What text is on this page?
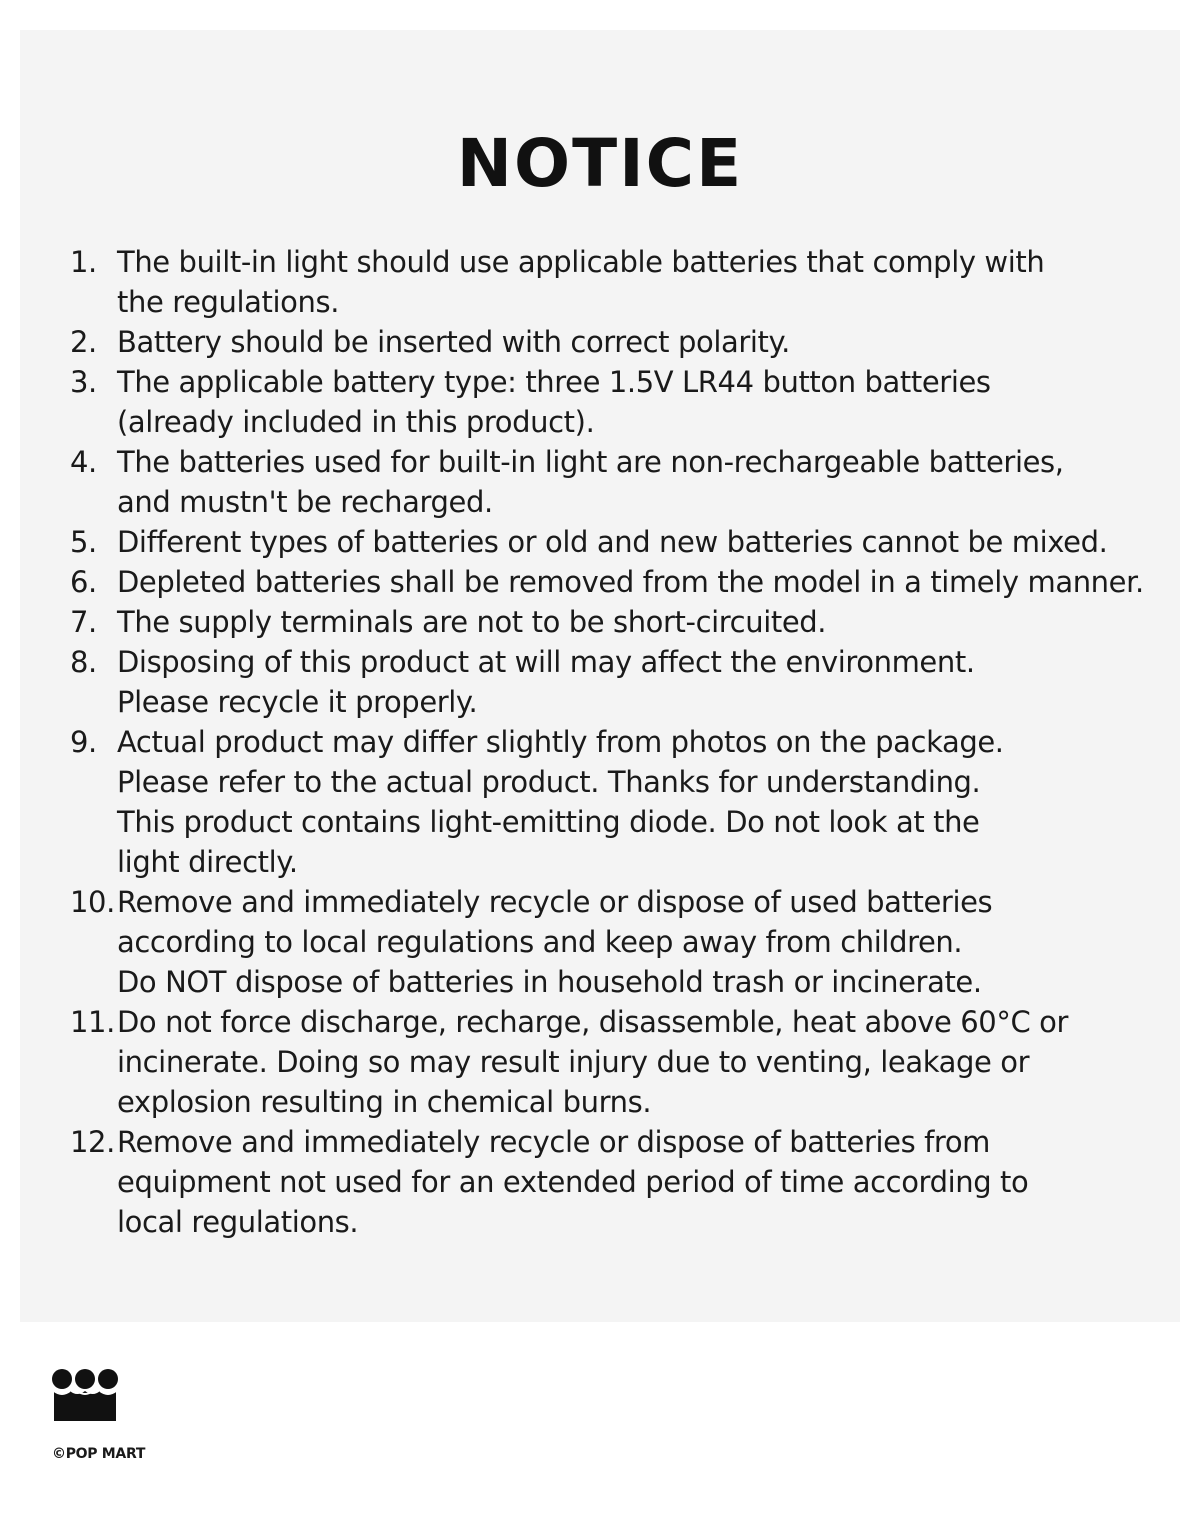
NOTICE
1. The built-in light should use applicable batteries that comply with
the regulations.
2. Battery should be inserted with correct polarity.
3. The applicable battery type: three 1.5V LR44 button batteries
(already included in this product).
4. The batteries used for built-in light are non-rechargeable batteries,
and mustn't be recharged.
5. Different types of batteries or old and new batteries cannot be mixed.
6. Depleted batteries shall be removed from the model in a timely manner.
7. The supply terminals are not to be short-circuited.
8. Disposing of this product at will may affect the environment.
Please recycle it properly.
9. Actual product may differ slightly from photos on the package.
Please refer to the actual product. Thanks for understanding.
This product contains light-emitting diode. Do not look at the
light directly.
10. Remove and immediately recycle or dispose of used batteries
according to local regulations and keep away from children.
Do NOT dispose of batteries in household trash or incinerate.
11. Do not force discharge, recharge, disassemble, heat above 60°C or
incinerate. Doing so may result injury due to venting, leakage or
explosion resulting in chemical burns.
12. Remove and immediately recycle or dispose of batteries from
equipment not used for an extended period of time according to
local regulations.
©POP MART
